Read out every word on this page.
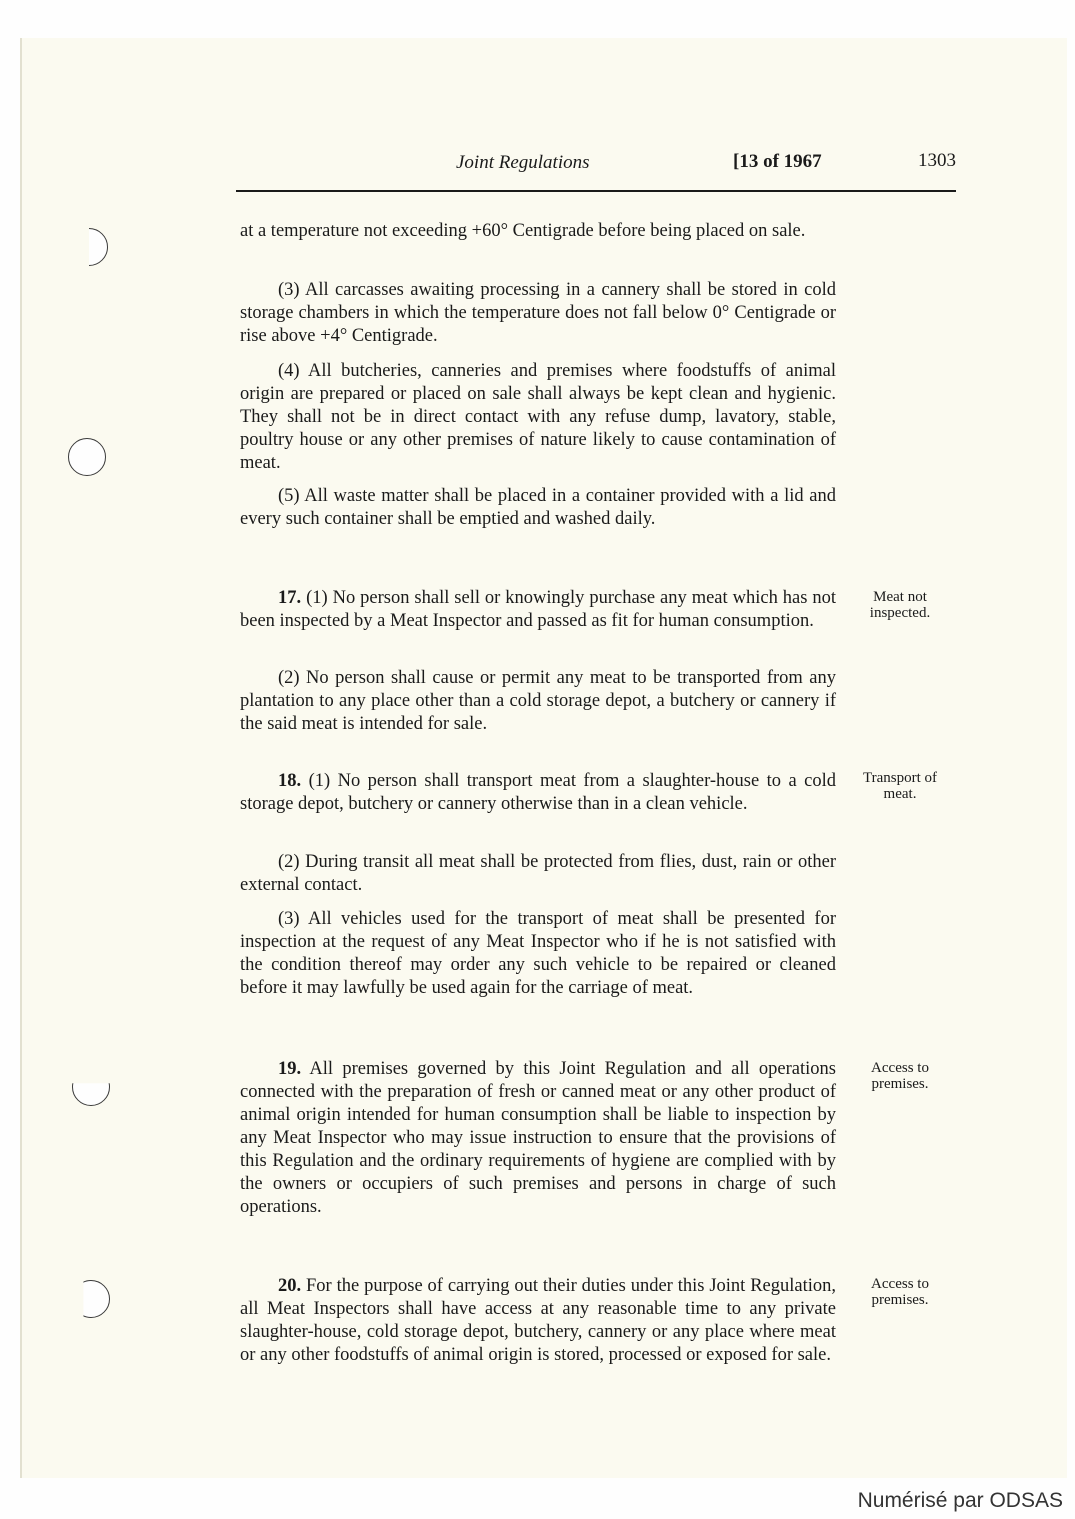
Joint Regulations	[13 of 1967	1303
at a temperature not exceeding +60° Centigrade before being placed on sale.
(3) All carcasses awaiting processing in a cannery shall be stored in cold storage chambers in which the temperature does not fall below 0° Centigrade or rise above +4° Centigrade.
(4) All butcheries, canneries and premises where foodstuffs of animal origin are prepared or placed on sale shall always be kept clean and hygienic. They shall not be in direct contact with any refuse dump, lavatory, stable, poultry house or any other premises of nature likely to cause contamination of meat.
(5) All waste matter shall be placed in a container provided with a lid and every such container shall be emptied and washed daily.
17. (1) No person shall sell or knowingly purchase any meat which has not been inspected by a Meat Inspector and passed as fit for human consumption.
Meat not inspected.
(2) No person shall cause or permit any meat to be transported from any plantation to any place other than a cold storage depot, a butchery or cannery if the said meat is intended for sale.
18. (1) No person shall transport meat from a slaughter-house to a cold storage depot, butchery or cannery otherwise than in a clean vehicle.
Transport of meat.
(2) During transit all meat shall be protected from flies, dust, rain or other external contact.
(3) All vehicles used for the transport of meat shall be presented for inspection at the request of any Meat Inspector who if he is not satisfied with the condition thereof may order any such vehicle to be repaired or cleaned before it may lawfully be used again for the carriage of meat.
19. All premises governed by this Joint Regulation and all operations connected with the preparation of fresh or canned meat or any other product of animal origin intended for human consumption shall be liable to inspection by any Meat Inspector who may issue instruction to ensure that the provisions of this Regulation and the ordinary requirements of hygiene are complied with by the owners or occupiers of such premises and persons in charge of such operations.
Access to premises.
20. For the purpose of carrying out their duties under this Joint Regulation, all Meat Inspectors shall have access at any reasonable time to any private slaughter-house, cold storage depot, butchery, cannery or any place where meat or any other foodstuffs of animal origin is stored, processed or exposed for sale.
Access to premises.
Numérisé par ODSAS
